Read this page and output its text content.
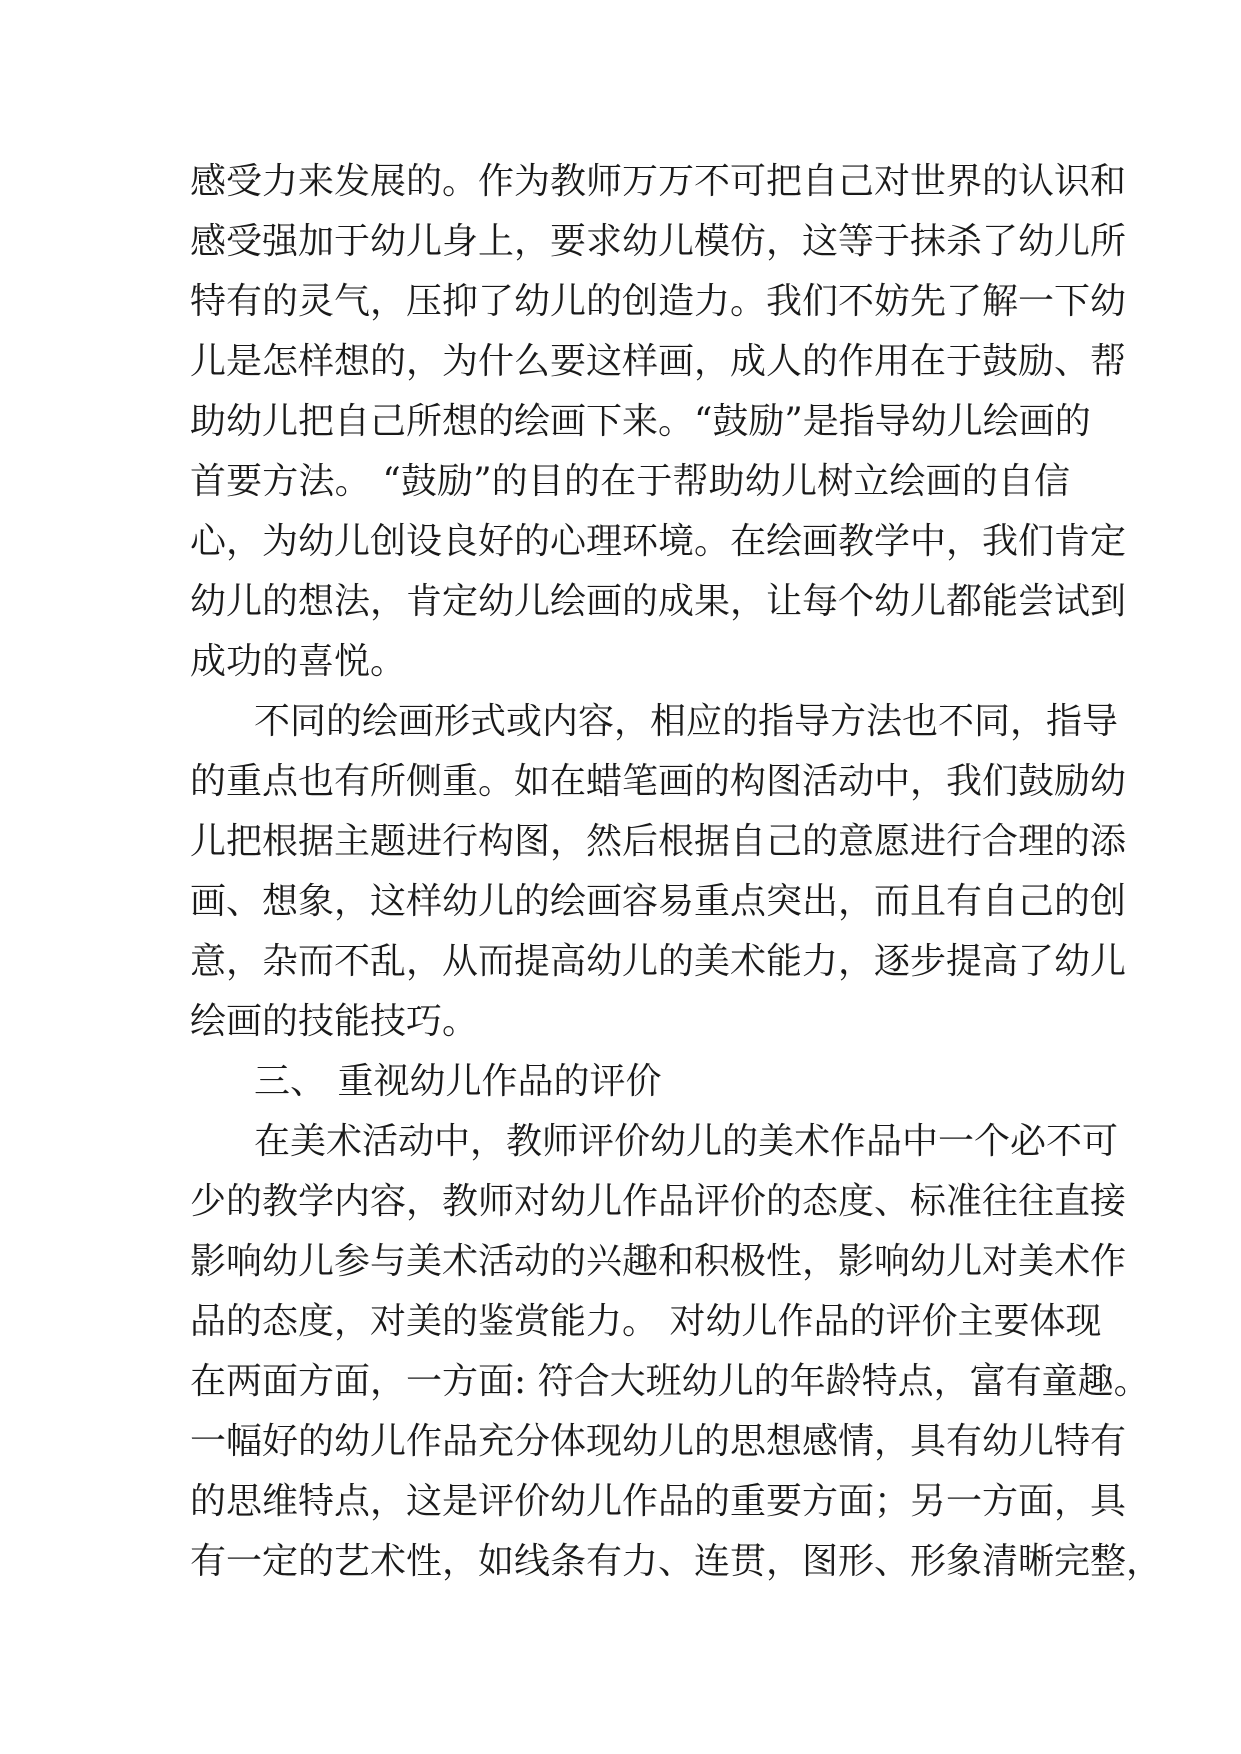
感受力来发展的。作为教师万万不可把自己对世界的认识和
感受强加于幼儿身上，要求幼儿模仿，这等于抹杀了幼儿所
特有的灵气，压抑了幼儿的创造力。我们不妨先了解一下幼
儿是怎样想的，为什么要这样画，成人的作用在于鼓励、帮
助幼儿把自己所想的绘画下来。“鼓励”是指导幼儿绘画的
首要方法。 “鼓励”的目的在于帮助幼儿树立绘画的自信
心，为幼儿创设良好的心理环境。在绘画教学中，我们肯定
幼儿的想法，肯定幼儿绘画的成果，让每个幼儿都能尝试到
成功的喜悦。
不同的绘画形式或内容，相应的指导方法也不同，指导
的重点也有所侧重。如在蜡笔画的构图活动中，我们鼓励幼
儿把根据主题进行构图，然后根据自己的意愿进行合理的添
画、想象，这样幼儿的绘画容易重点突出，而且有自己的创
意，杂而不乱，从而提高幼儿的美术能力，逐步提高了幼儿
绘画的技能技巧。
三、 重视幼儿作品的评价
在美术活动中，教师评价幼儿的美术作品中一个必不可
少的教学内容，教师对幼儿作品评价的态度、标准往往直接
影响幼儿参与美术活动的兴趣和积极性，影响幼儿对美术作
品的态度，对美的鉴赏能力。 对幼儿作品的评价主要体现
在两面方面，一方面: 符合大班幼儿的年龄特点，富有童趣。
一幅好的幼儿作品充分体现幼儿的思想感情，具有幼儿特有
的思维特点，这是评价幼儿作品的重要方面；另一方面，具
有一定的艺术性，如线条有力、连贯，图形、形象清晰完整，
